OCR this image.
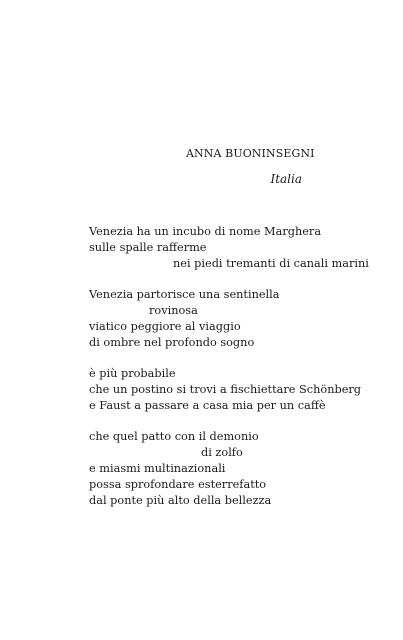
ANNA BUONINSEGNI
Italia
Venezia ha un incubo di nome Marghera
sulle spalle rafferme
nei piedi tremanti di canali marini
Venezia partorisce una sentinella
rovinosa
viatico peggiore al viaggio
di ombre nel profondo sogno
è più probabile
che un postino si trovi a fischiettare Schönberg
e Faust a passare a casa mia per un caffè
che quel patto con il demonio
di zolfo
e miasmi multinazionali
possa sprofondare esterrefatto
dal ponte più alto della bellezza
